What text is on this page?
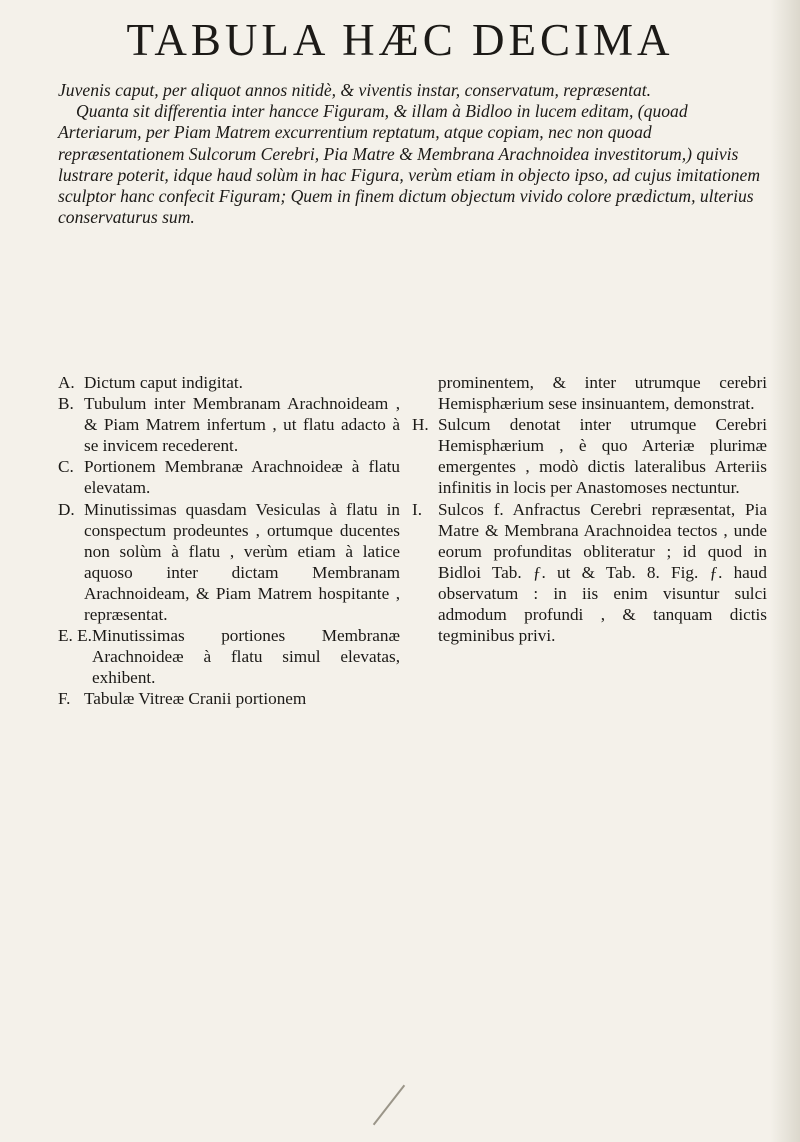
TABULA HÆC DECIMA

Juvenis caput, per aliquot annos nitidè, & viventis instar, conservatum, repræsentat.

Quanta sit differentia inter hancce Figuram, & illam à Bidloo in lucem editam, (quoad Arteriarum, per Piam Matrem excurrentium reptatum, atque copiam, nec non quoad repræsentationem Sulcorum Cerebri, Pia Matre & Membrana Arachnoidea investitorum,) quivis lustrare poterit, idque haud solùm in hac Figura, verùm etiam in objecto ipso, ad cujus imitationem sculptor hanc confecit Figuram; Quem in finem dictum objectum vivido colore prædictum, ulterius conservaturus sum.

A. Dictum caput indigitat.

B. Tubulum inter Membranam Arachnoideam , & Piam Matrem infertum , ut flatu adacto à se invicem recederent.

C. Portionem Membranæ Arachnoideæ à flatu elevatam.

D. Minutissimas quasdam Vesiculas à flatu in conspectum prodeuntes , ortumque ducentes non solùm à flatu , verùm etiam à latice aquoso inter dictam Membranam Arachnoideam, & Piam Matrem hospitante , repræsentat.

E. E. Minutissimas portiones Membranæ Arachnoideæ à flatu simul elevatas, exhibent.

F. Tabulæ Vitreæ Cranii portionem

prominentem, & inter utrumque cerebri Hemisphærium sese insinuantem, demonstrat.

H. Sulcum denotat inter utrumque Cerebri Hemisphærium , è quo Arteriæ plurimæ emergentes , modò dictis lateralibus Arteriis infinitis in locis per Anastomoses nectuntur.

I. Sulcos f. Anfractus Cerebri repræsentat, Pia Matre & Membrana Arachnoidea tectos , unde eorum profunditas obliteratur ; id quod in Bidloi Tab. ƒ. ut & Tab. 8. Fig. ƒ. haud observatum : in iis enim visuntur sulci admodum profundi , & tanquam dictis tegminibus privi.
